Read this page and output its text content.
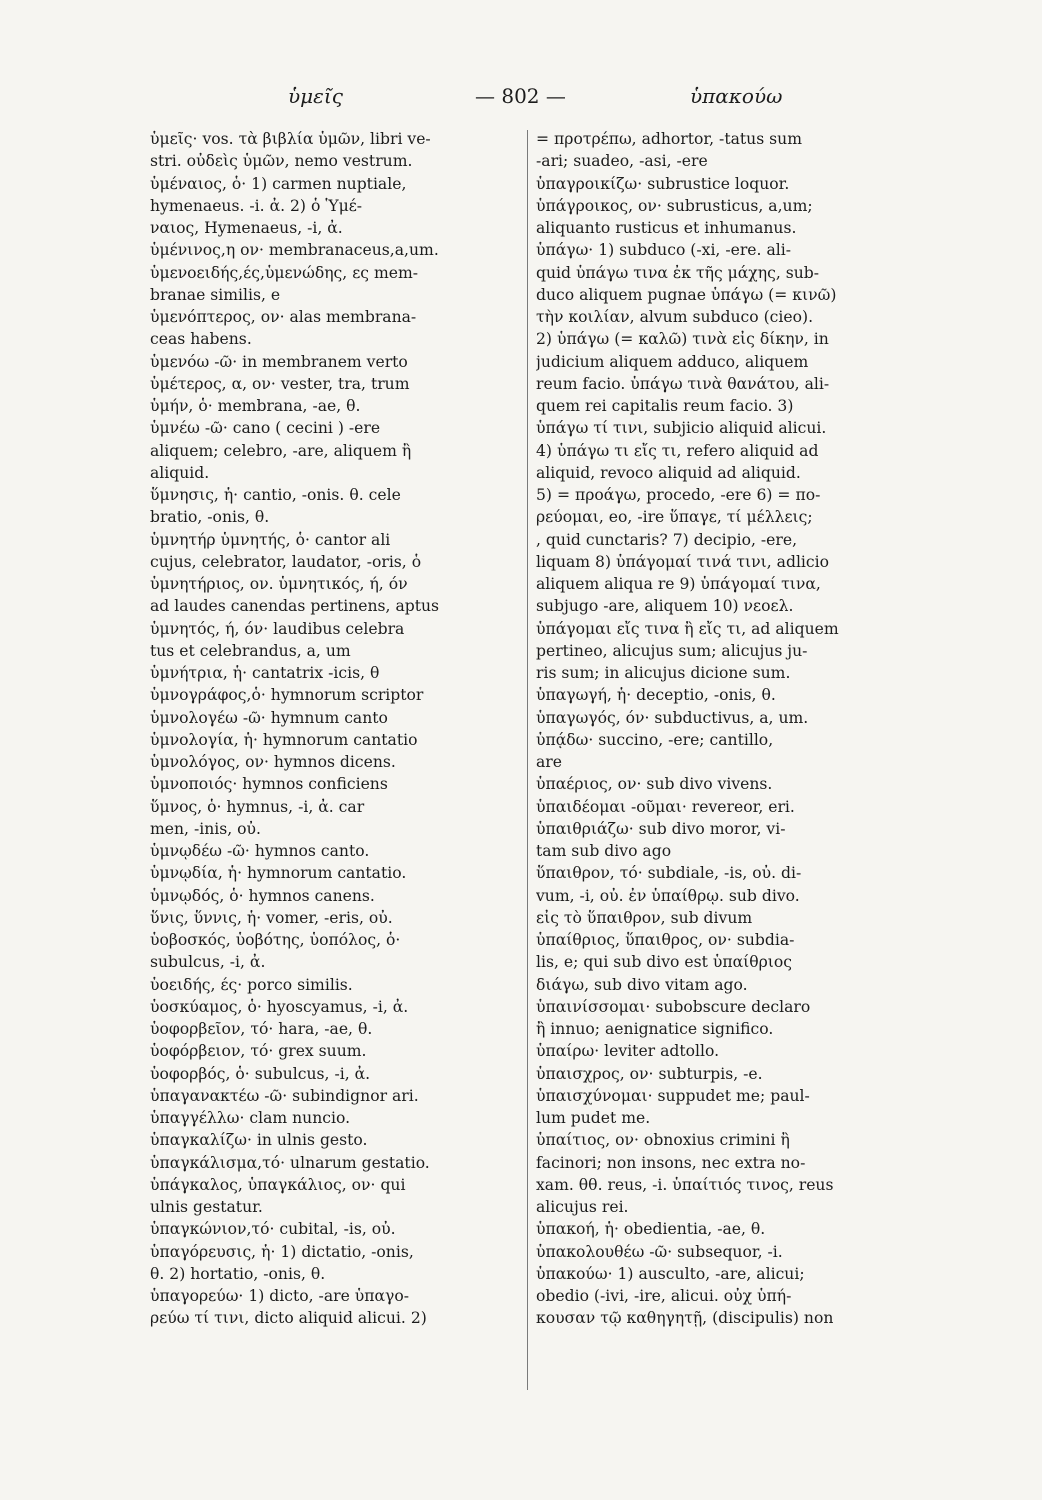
ὑμεῖς	— 802 —	ὑπακούω
ὑμεῖς· vos. τὰ βιβλία ὑμῶν, libri ve-
stri. οὐδεὶς ὑμῶν, nemo vestrum.
ὑμέναιος, ὁ· 1) carmen nuptiale,
hymenaeus. -i. ἀ. 2) ὁ Ὑμέ-
ναιος, Hymenaeus, -i, ἀ.
ὑμένινος,η ον· membranaceus,a,um.
ὑμενοειδής,ές,ὑμενώδης, ες mem-
branae similis, e
ὑμενόπτερος, ον· alas membrana-
ceas habens.
ὑμενόω -ῶ· in membranem verto
ὑμέτερος, α, ον· vester, tra, trum
ὑμήν, ὁ· membrana, -ae, θ.
ὑμνέω -ῶ· cano ( cecini ) -ere
aliquem; celebro, -are, aliquem ἢ
aliquid.
ὕμνησις, ἡ· cantio, -onis. θ. cele
bratio, -onis, θ.
ὑμνητήρ ὑμνητής, ὁ· cantor ali
cujus, celebrator, laudator, -oris, ὁ
ὑμνητήριος, ον. ὑμνητικός, ή, όν
ad laudes canendas pertinens, aptus
ὑμνητός, ή, όν· laudibus celebra
tus et celebrandus, a, um
ὑμνήτρια, ἡ· cantatrix -icis, θ
ὑμνογράφος,ὁ· hymnorum scriptor
ὑμνολογέω -ῶ· hymnum canto
ὑμνολογία, ἡ· hymnorum cantatio
ὑμνολόγος, ον· hymnos dicens.
ὑμνοποιός· hymnos conficiens
ὕμνος, ὁ· hymnus, -i, ἀ. car
men, -inis, οὐ.
ὑμνῳδέω -ῶ· hymnos canto.
ὑμνῳδία, ἡ· hymnorum cantatio.
ὑμνῳδός, ὁ· hymnos canens.
ὕνις, ὕννις, ἡ· vomer, -eris, οὐ.
ὑοβοσκός, ὑοβότης, ὑοπόλος, ὁ·
subulcus, -i, ἀ.
ὑοειδής, ές· porco similis.
ὑοσκύαμος, ὁ· hyoscyamus, -i, ἀ.
ὑοφορβεῖον, τό· hara, -ae, θ.
ὑοφόρβειον, τό· grex suum.
ὑοφορβός, ὁ· subulcus, -i, ἀ.
ὑπαγανακτέω -ῶ· subindignor ari.
ὑπαγγέλλω· clam nuncio.
ὑπαγκαλίζω· in ulnis gesto.
ὑπαγκάλισμα,τό· ulnarum gestatio.
ὑπάγκαλος, ὑπαγκάλιος, ον· qui
ulnis gestatur.
ὑπαγκώνιον,τό· cubital, -is, οὐ.
ὑπαγόρευσις, ἡ· 1) dictatio, -onis,
θ. 2) hortatio, -onis, θ.
ὑπαγορεύω· 1) dicto, -are ὑπαγο-
ρεύω τί τινι, dicto aliquid alicui. 2)
= προτρέπω, adhortor, -tatus sum
-ari; suadeo, -asi, -ere
ὑπαγροικίζω· subrustice loquor.
ὑπάγροικος, ον· subrusticus, a,um;
aliquanto rusticus et inhumanus.
ὑπάγω· 1) subduco (-xi, -ere. ali-
quid ὑπάγω τινα ἐκ τῆς μάχης, sub-
duco aliquem pugnae ὑπάγω (= κινῶ)
τὴν κοιλίαν, alvum subduco (cieo).
2) ὑπάγω (= καλῶ) τινὰ εἰς δίκην, in
judicium aliquem adduco, aliquem
reum facio. ὑπάγω τινὰ θανάτου, ali-
quem rei capitalis reum facio. 3)
ὑπάγω τί τινι, subjicio aliquid alicui.
4) ὑπάγω τι εἴς τι, refero aliquid ad
aliquid, revoco aliquid ad aliquid.
5) = προάγω, procedo, -ere 6) = πο-
ρεύομαι, eo, -ire ὕπαγε, τί μέλλεις;
, quid cunctaris? 7) decipio, -ere,
liquam 8) ὑπάγομαί τινά τινι, adlicio
aliquem aliqua re 9) ὑπάγομαί τινα,
subjugo -are, aliquem 10) νεοελ.
ὑπάγομαι εἴς τινα ἢ εἴς τι, ad aliquem
pertineo, alicujus sum; alicujus ju-
ris sum; in alicujus dicione sum.
ὑπαγωγή, ἡ· deceptio, -onis, θ.
ὑπαγωγός, όν· subductivus, a, um.
ὑπᾴδω· succino, -ere; cantillo,
are
ὑπαέριος, ον· sub divo vivens.
ὑπαιδέομαι -οῦμαι· revereor, eri.
ὑπαιθριάζω· sub divo moror, vi-
tam sub divo ago
ὕπαιθρον, τό· subdiale, -is, οὐ. di-
vum, -i, οὐ. ἐν ὑπαίθρῳ. sub divo.
εἰς τὸ ὕπαιθρον, sub divum
ὑπαίθριος, ὕπαιθρος, ον· subdia-
lis, e; qui sub divo est ὑπαίθριος
διάγω, sub divo vitam ago.
ὑπαινίσσομαι· subobscure declaro
ἢ innuo; aenignatice significo.
ὑπαίρω· leviter adtollo.
ὑπαισχρος, ον· subturpis, -e.
ὑπαισχύνομαι· suppudet me; paul-
lum pudet me.
ὑπαίτιος, ον· obnoxius crimini ἢ
facinori; non insons, nec extra no-
xam. θθ. reus, -i. ὑπαίτιός τινος, reus
alicujus rei.
ὑπακοή, ἡ· obedientia, -ae, θ.
ὑπακολουθέω -ῶ· subsequor, -i.
ὑπακούω· 1) ausculto, -are, alicui;
obedio (-ivi, -ire, alicui. οὐχ ὑπή-
κουσαν τῷ καθηγητῇ, (discipulis) non
